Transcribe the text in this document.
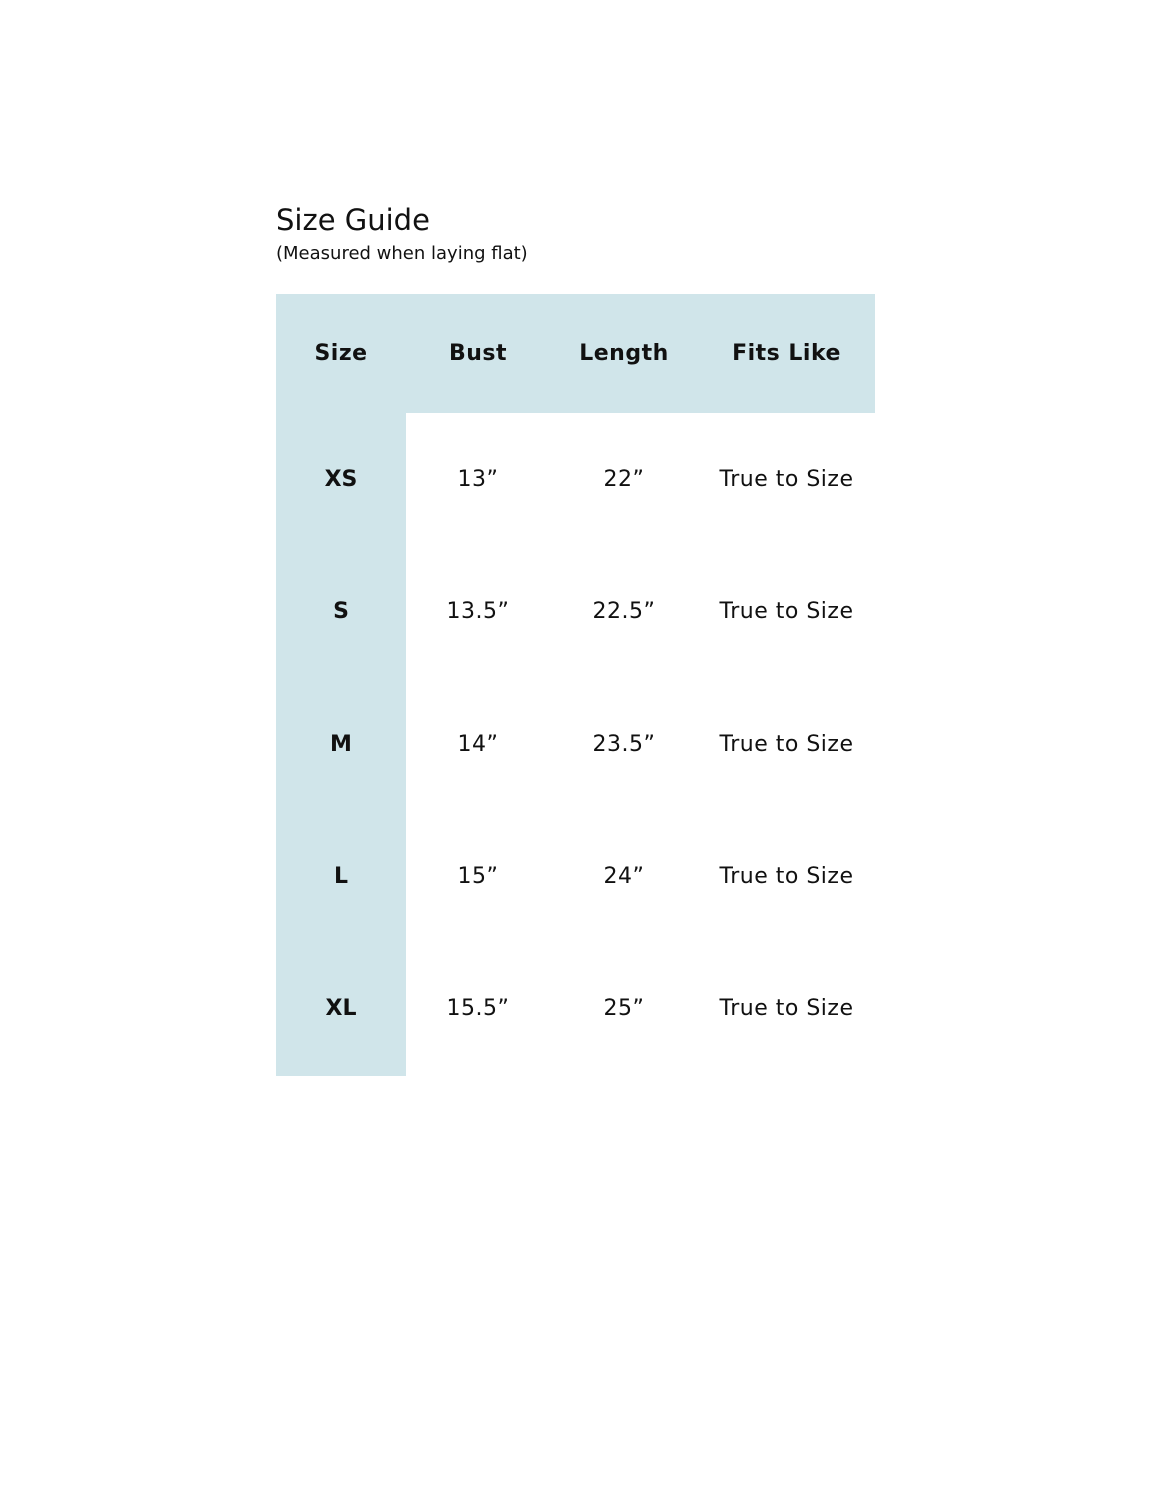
Size Guide
(Measured when laying flat)
Size	Bust	Length	Fits Like
XS	13”	22”	True to Size
S	13.5”	22.5”	True to Size
M	14”	23.5”	True to Size
L	15”	24”	True to Size
XL	15.5”	25”	True to Size
